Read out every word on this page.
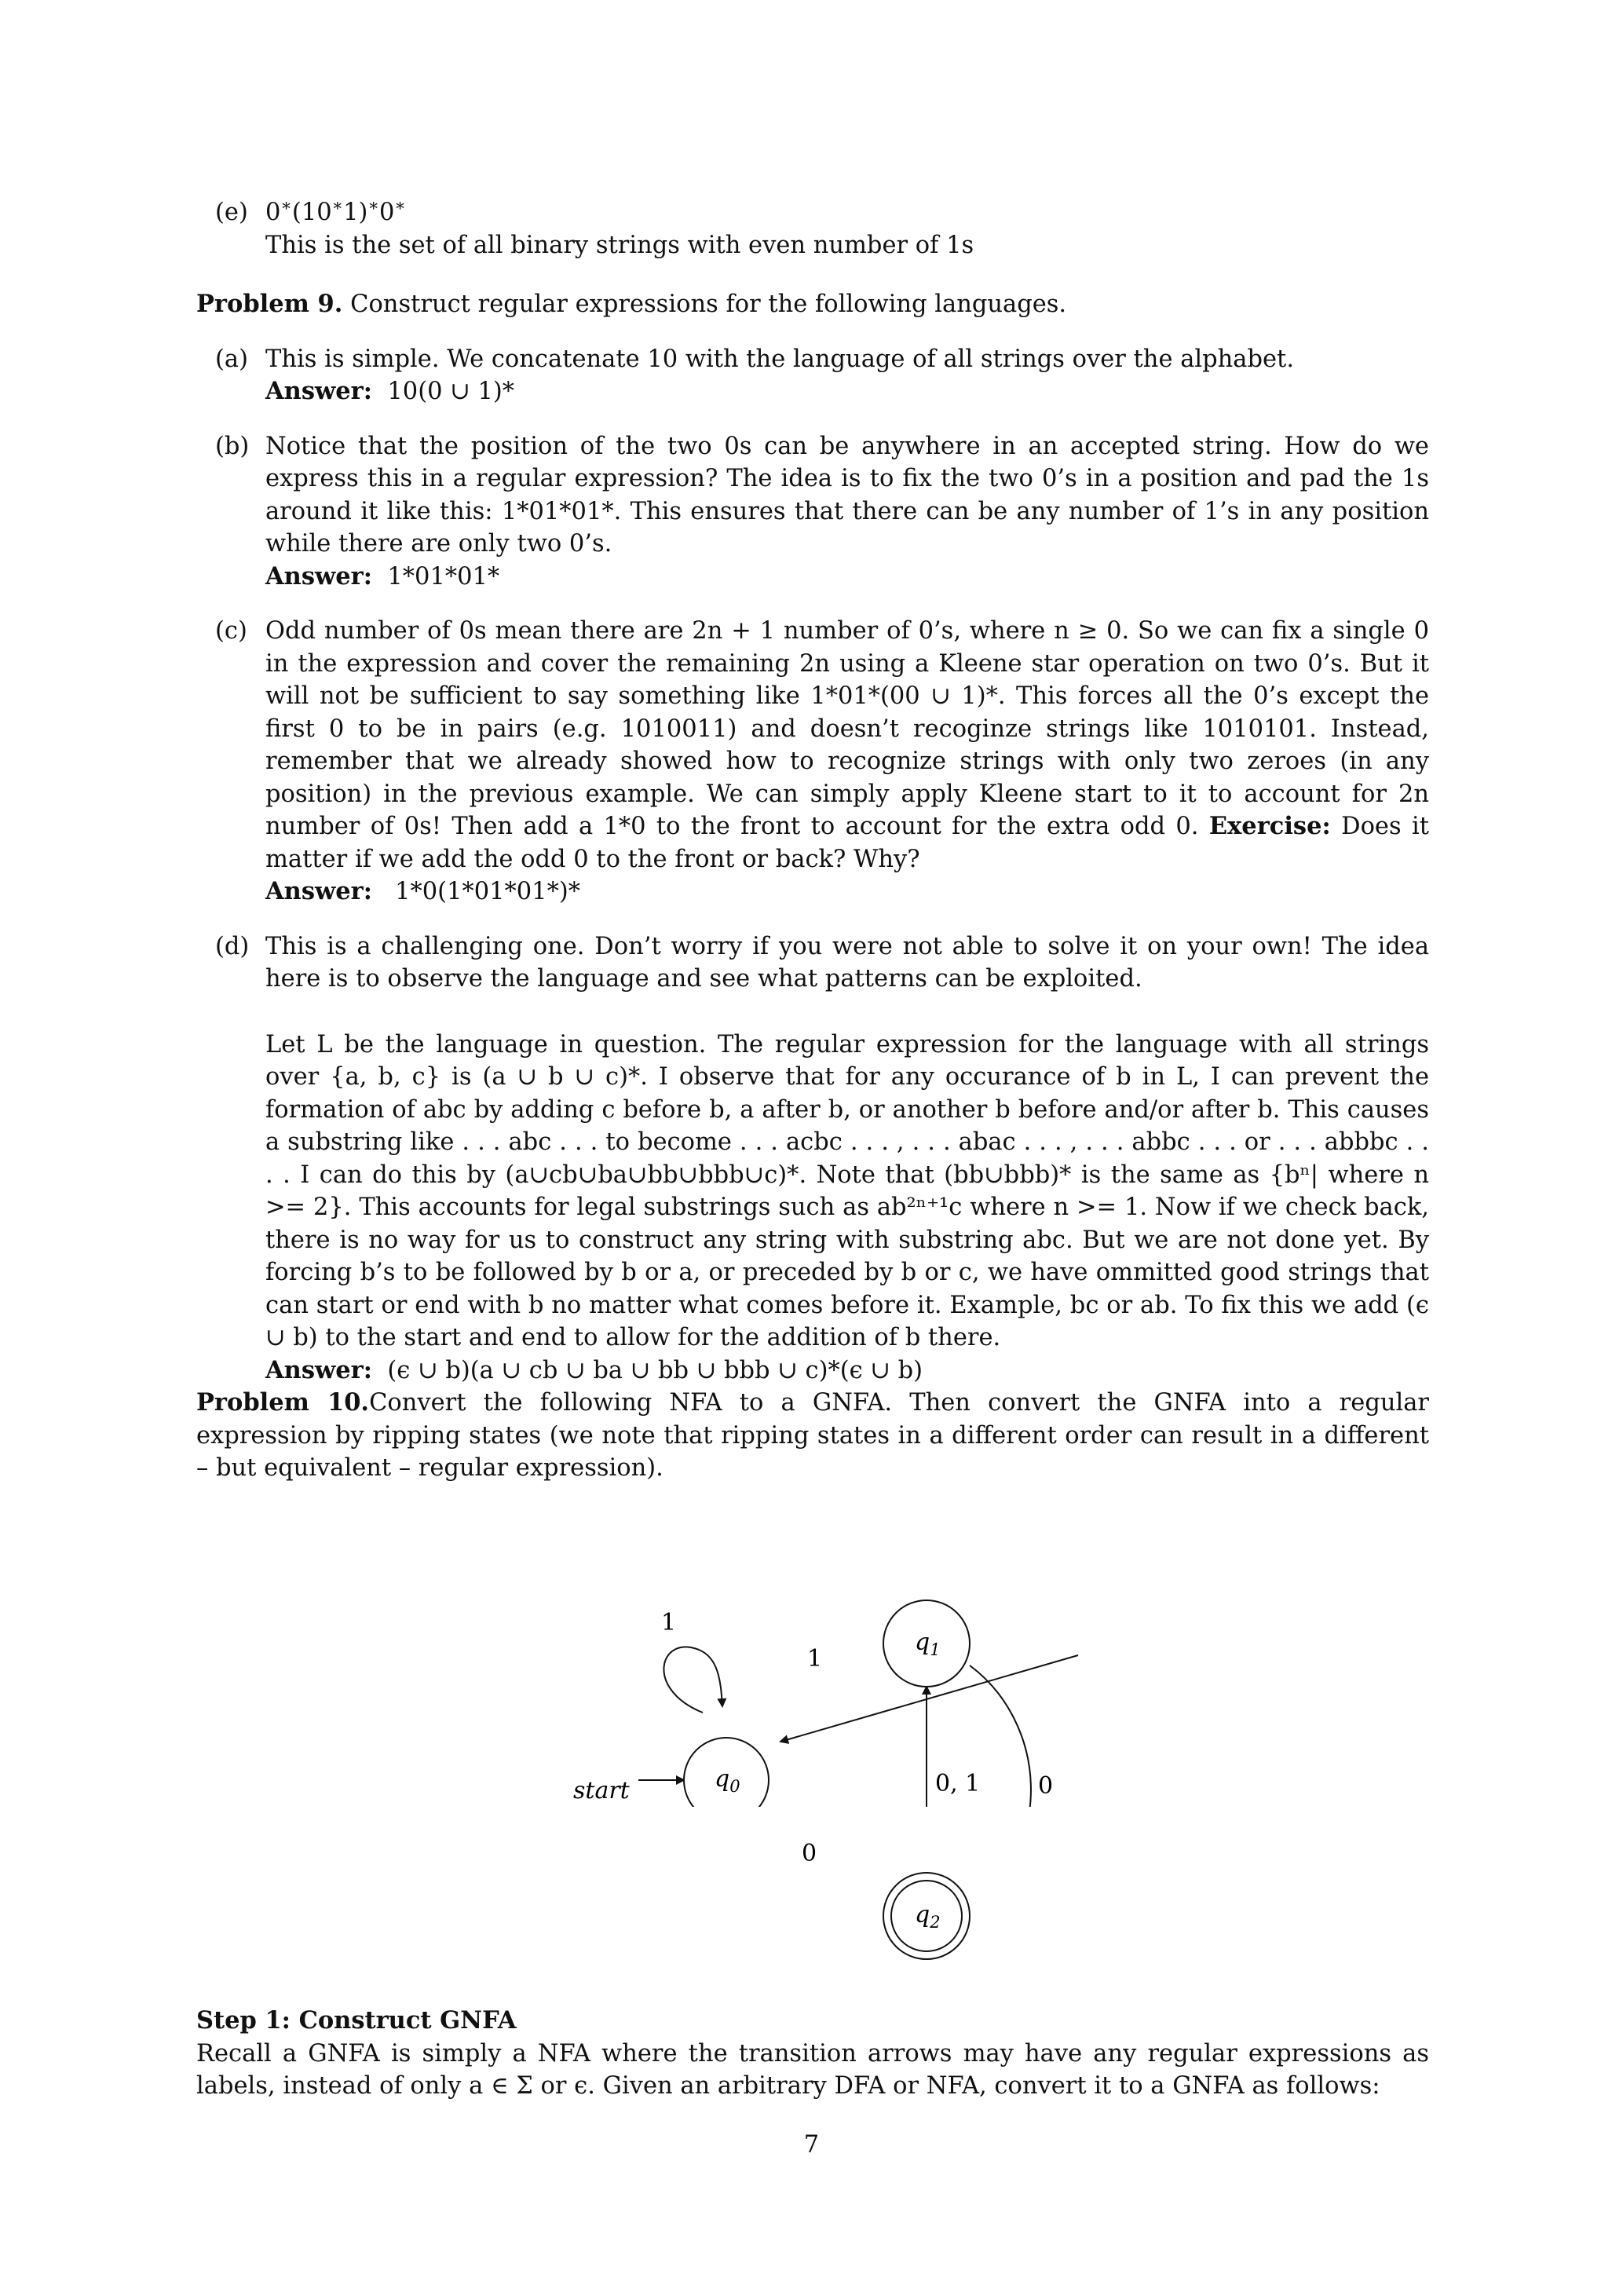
(e) 0∗(10∗1)∗0∗
This is the set of all binary strings with even number of 1s
Problem 9. Construct regular expressions for the following languages.
(a) This is simple. We concatenate 10 with the language of all strings over the alphabet.
Answer: 10(0 ∪ 1)*
(b) Notice that the position of the two 0s can be anywhere in an accepted string. How do we express this in a regular expression? The idea is to fix the two 0’s in a position and pad the 1s around it like this: 1*01*01*. This ensures that there can be any number of 1’s in any position while there are only two 0’s.
Answer: 1*01*01*
(c) Odd number of 0s mean there are 2n + 1 number of 0’s, where n ≥ 0. So we can fix a single 0 in the expression and cover the remaining 2n using a Kleene star operation on two 0’s. But it will not be sufficient to say something like 1*01*(00 ∪ 1)*. This forces all the 0’s except the first 0 to be in pairs (e.g. 1010011) and doesn’t recoginze strings like 1010101. Instead, remember that we already showed how to recognize strings with only two zeroes (in any position) in the previous example. We can simply apply Kleene start to it to account for 2n number of 0s! Then add a 1*0 to the front to account for the extra odd 0. Exercise: Does it matter if we add the odd 0 to the front or back? Why?
Answer: 1*0(1*01*01*)*
(d) This is a challenging one. Don’t worry if you were not able to solve it on your own! The idea here is to observe the language and see what patterns can be exploited.
Let L be the language in question. The regular expression for the language with all strings over {a, b, c} is (a ∪ b ∪ c)*. I observe that for any occurance of b in L, I can prevent the formation of abc by adding c before b, a after b, or another b before and/or after b. This causes a substring like . . . abc . . . to become . . . acbc . . . , . . . abac . . . , . . . abbc . . . or . . . abbbc . . . . I can do this by (a∪cb∪ba∪bb∪bbb∪c)*. Note that (bb∪bbb)* is the same as {bⁿ| where n >= 2}. This accounts for legal substrings such as ab²ⁿ⁺¹c where n >= 1. Now if we check back, there is no way for us to construct any string with substring abc. But we are not done yet. By forcing b’s to be followed by b or a, or preceded by b or c, we have ommitted good strings that can start or end with b no matter what comes before it. Example, bc or ab. To fix this we add (ϵ ∪ b) to the start and end to allow for the addition of b there.
Answer: (ϵ ∪ b)(a ∪ cb ∪ ba ∪ bb ∪ bbb ∪ c)*(ϵ ∪ b)
Problem 10.Convert the following NFA to a GNFA. Then convert the GNFA into a regular expression by ripping states (we note that ripping states in a different order can result in a different – but equivalent – regular expression).
1
1
start	0, 1 0
$q_0$
$q_1$
0
$q_2$
Step 1: Construct GNFA
Recall a GNFA is simply a NFA where the transition arrows may have any regular expressions as labels, instead of only a ∈ Σ or ϵ. Given an arbitrary DFA or NFA, convert it to a GNFA as follows:
7
